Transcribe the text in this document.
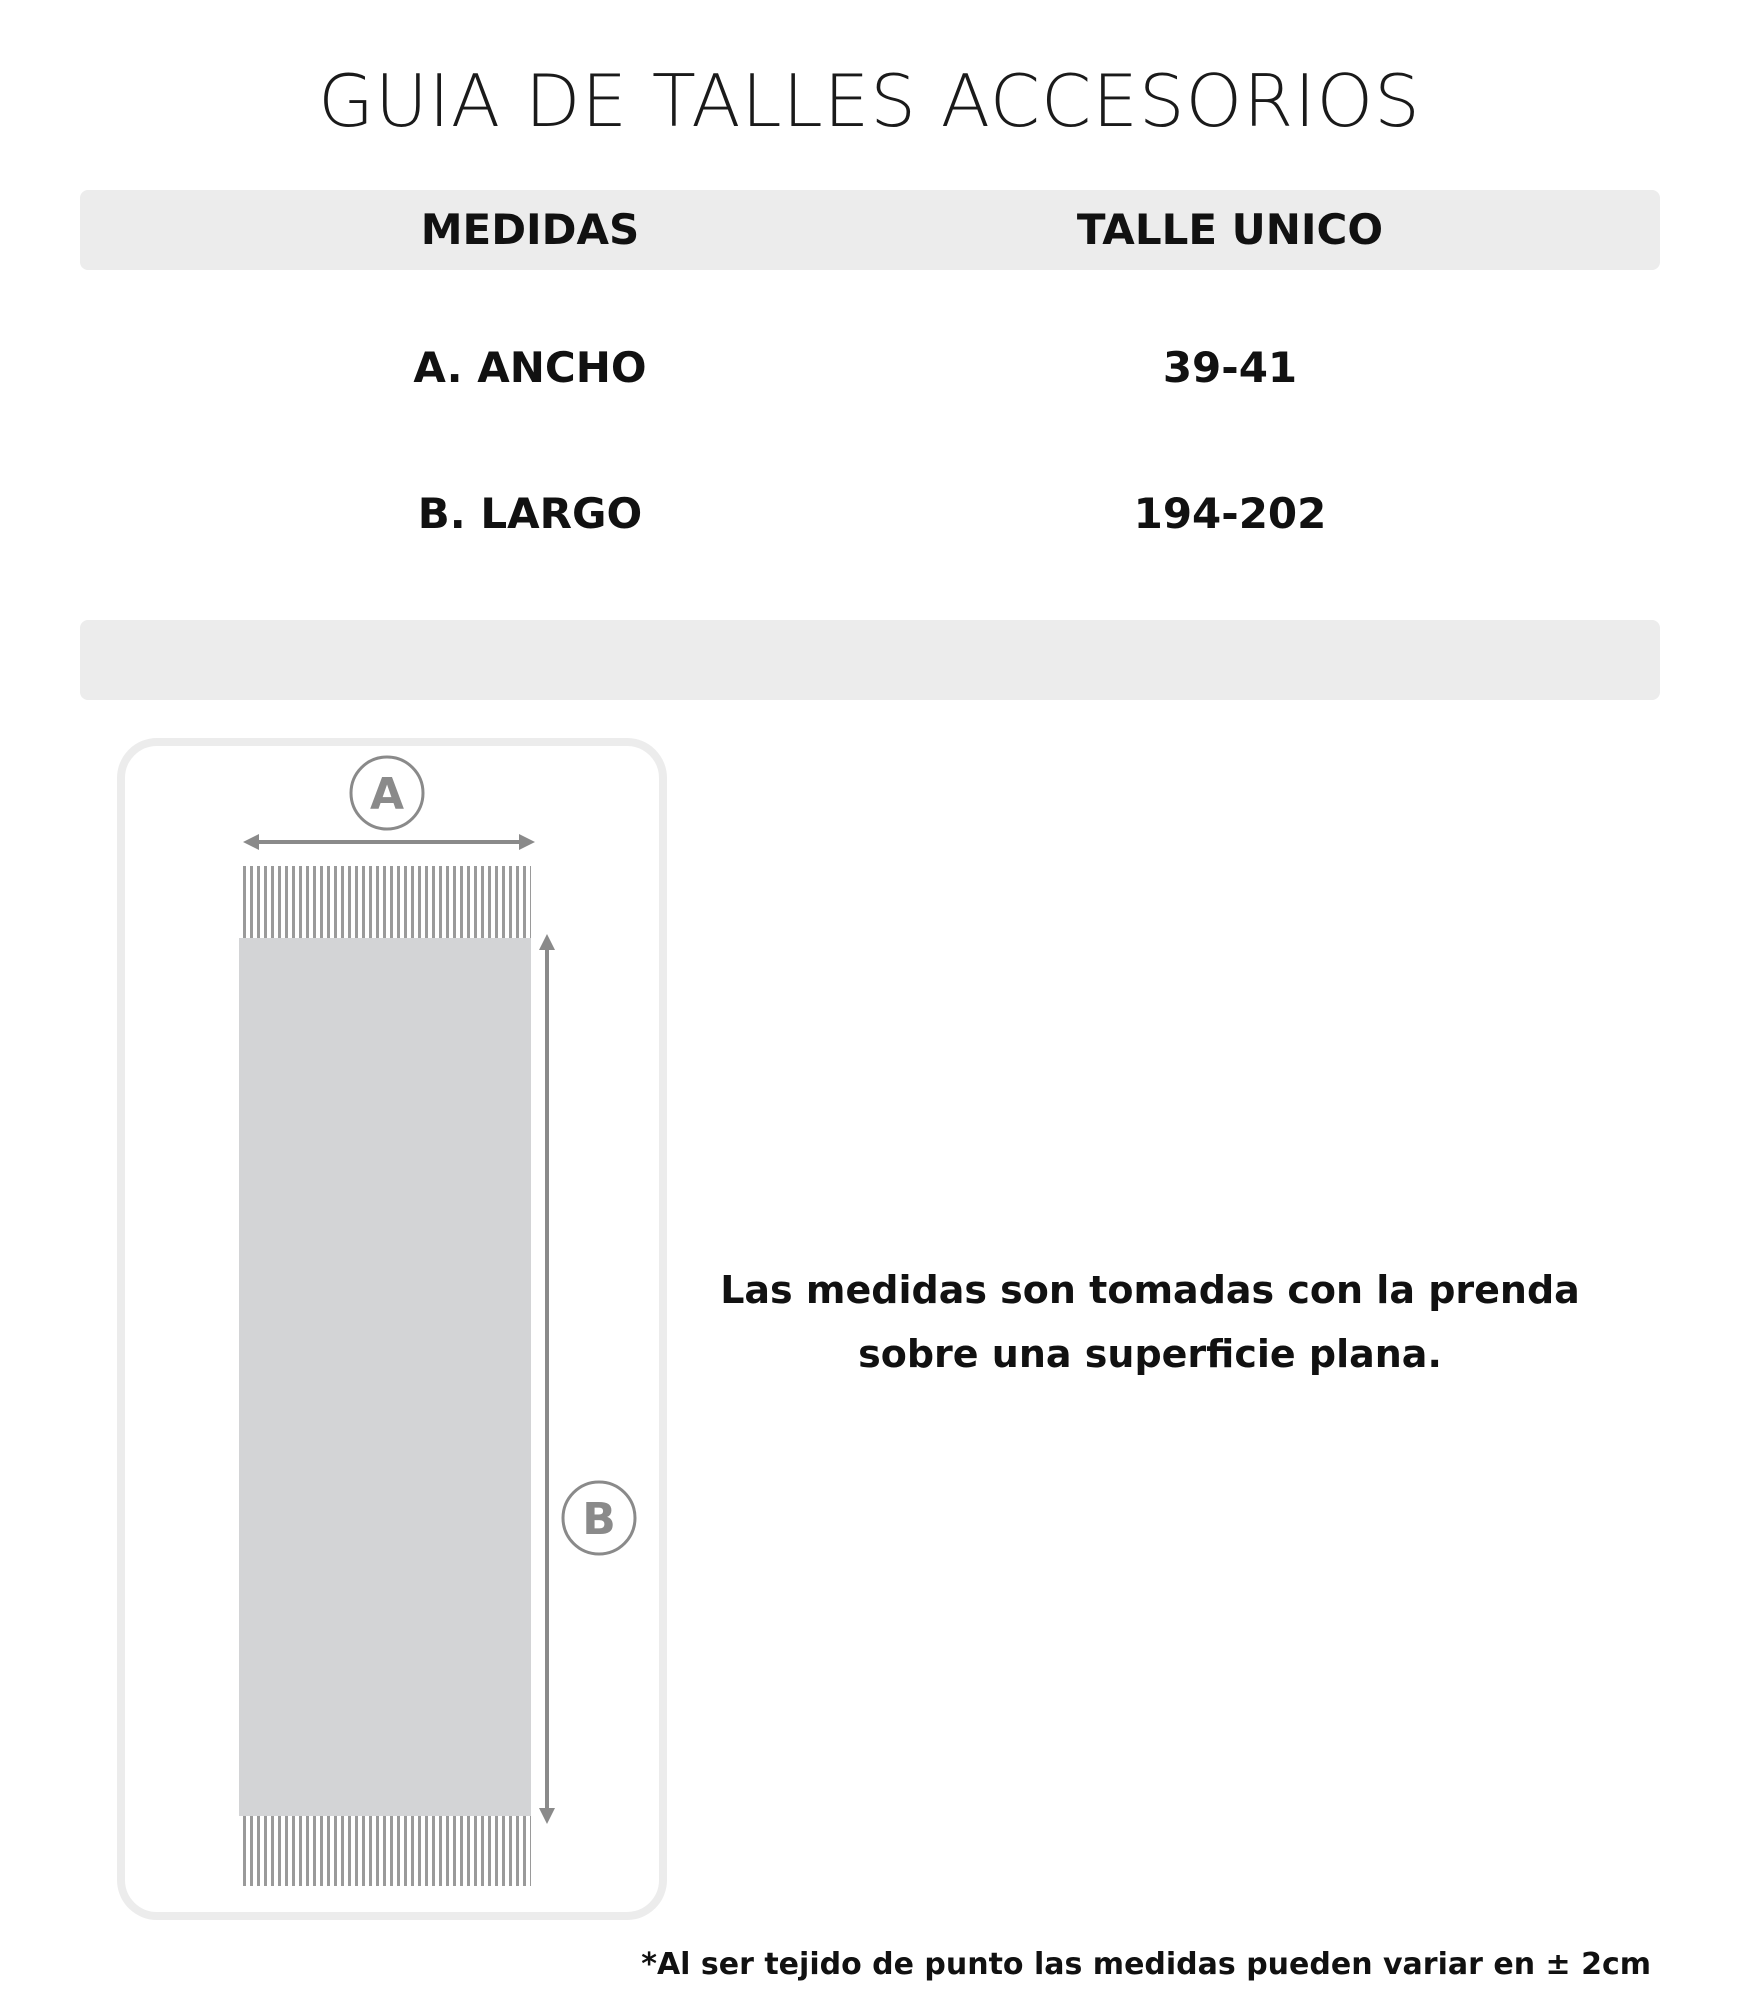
GUIA DE TALLES ACCESORIOS
MEDIDAS	TALLE UNICO
A. ANCHO	39-41
B. LARGO	194-202
A
B
Las medidas son tomadas con la prenda
sobre una superficie plana.
*Al ser tejido de punto las medidas pueden variar en ± 2cm
